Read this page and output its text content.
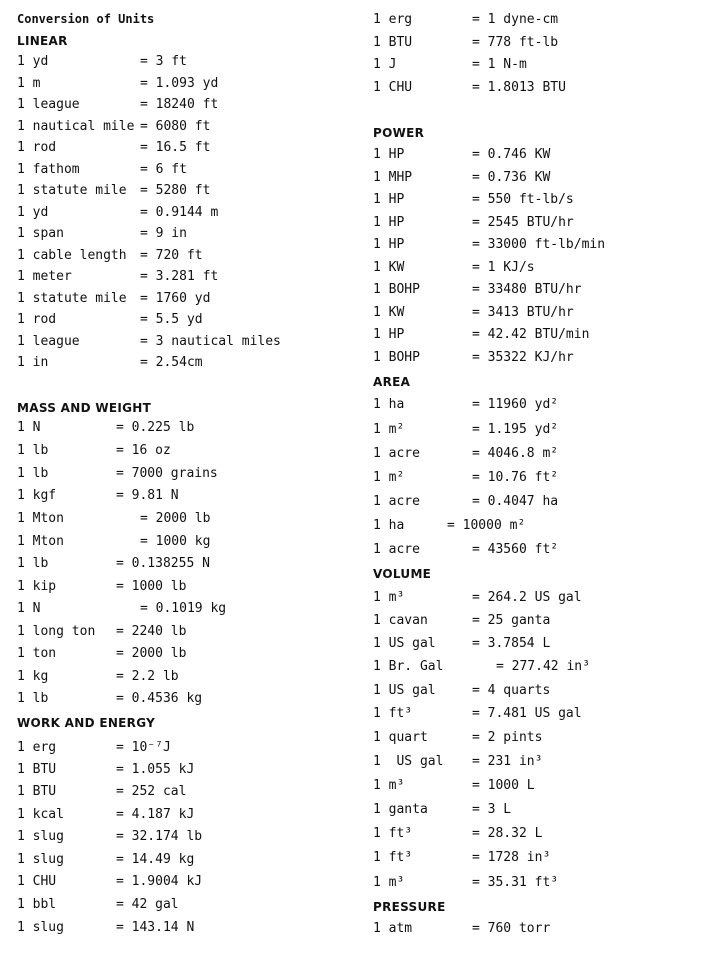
Conversion of Units
LINEAR
1 yd	= 3 ft
1 m	= 1.093 yd
1 league	= 18240 ft
1 nautical mile = 6080 ft
1 rod	= 16.5 ft
1 fathom	= 6 ft
1 statute mile = 5280 ft
1 yd	= 0.9144 m
1 span	= 9 in
1 cable length = 720 ft
1 meter	= 3.281 ft
1 statute mile = 1760 yd
1 rod	= 5.5 yd
1 league	= 3 nautical miles
1 in	= 2.54cm
MASS AND WEIGHT
1 N	= 0.225 lb
1 lb	= 16 oz
1 lb	= 7000 grains
1 kgf	= 9.81 N
1 Mton	= 2000 lb
1 Mton	= 1000 kg
1 lb	= 0.138255 N
1 kip	= 1000 lb
1 N	= 0.1019 kg
1 long ton = 2240 lb
1 ton	= 2000 lb
1 kg	= 2.2 lb
1 lb	= 0.4536 kg
WORK AND ENERGY
1 erg	= 10⁻⁷J
1 BTU	= 1.055 kJ
1 BTU	= 252 cal
1 kcal	= 4.187 kJ
1 slug	= 32.174 lb
1 slug	= 14.49 kg
1 CHU	= 1.9004 kJ
1 bbl	= 42 gal
1 slug	= 143.14 N
1 erg	= 1 dyne-cm
1 BTU	= 778 ft-lb
1 J	= 1 N-m
1 CHU	= 1.8013 BTU
POWER
1 HP	= 0.746 KW
1 MHP	= 0.736 KW
1 HP	= 550 ft-lb/s
1 HP	= 2545 BTU/hr
1 HP	= 33000 ft-lb/min
1 KW	= 1 KJ/s
1 BOHP	= 33480 BTU/hr
1 KW	= 3413 BTU/hr
1 HP	= 42.42 BTU/min
1 BOHP	= 35322 KJ/hr
AREA
1 ha	= 11960 yd²
1 m²	= 1.195 yd²
1 acre	= 4046.8 m²
1 m²	= 10.76 ft²
1 acre	= 0.4047 ha
1 ha	= 10000 m²
1 acre	= 43560 ft²
VOLUME
1 m³	= 264.2 US gal
1 cavan	= 25 ganta
1 US gal	= 3.7854 L
1 Br. Gal	= 277.42 in³
1 US gal	= 4 quarts
1 ft³	= 7.481 US gal
1 quart	= 2 pints
1  US gal = 231 in³
1 m³	= 1000 L
1 ganta	= 3 L
1 ft³	= 28.32 L
1 ft³	= 1728 in³
1 m³	= 35.31 ft³
PRESSURE
1 atm	= 760 torr
